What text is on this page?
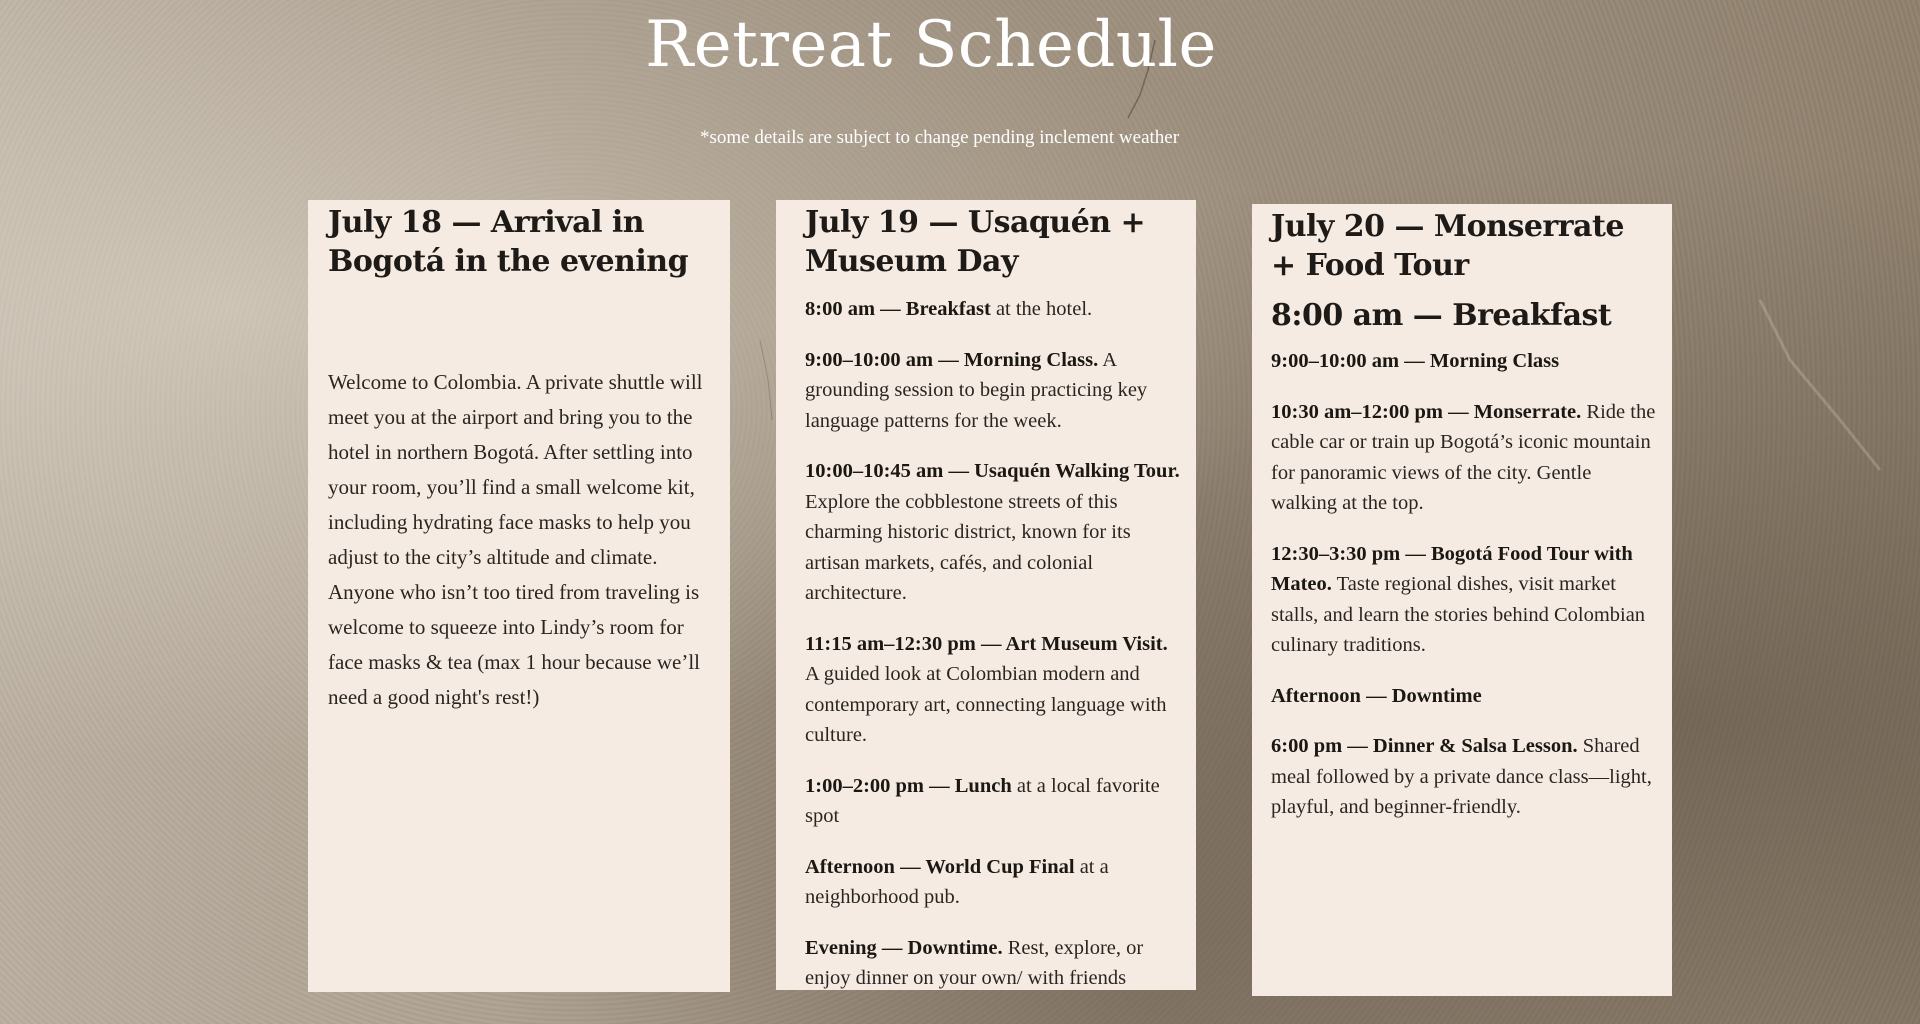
Retreat Schedule

*some details are subject to change pending inclement weather

July 18 — Arrival in Bogotá in the evening

Welcome to Colombia. A private shuttle will meet you at the airport and bring you to the hotel in northern Bogotá. After settling into your room, you’ll find a small welcome kit, including hydrating face masks to help you adjust to the city’s altitude and climate. Anyone who isn’t too tired from traveling is welcome to squeeze into Lindy’s room for face masks & tea (max 1 hour because we’ll need a good night's rest!)

July 19 — Usaquén + Museum Day

8:00 am — Breakfast at the hotel.

9:00–10:00 am — Morning Class. A grounding session to begin practicing key language patterns for the week.

10:00–10:45 am — Usaquén Walking Tour. Explore the cobblestone streets of this charming historic district, known for its artisan markets, cafés, and colonial architecture.

11:15 am–12:30 pm — Art Museum Visit. A guided look at Colombian modern and contemporary art, connecting language with culture.

1:00–2:00 pm — Lunch at a local favorite spot

Afternoon — World Cup Final at a neighborhood pub.

Evening — Downtime. Rest, explore, or enjoy dinner on your own/ with friends

July 20 — Monserrate + Food Tour
8:00 am — Breakfast

9:00–10:00 am — Morning Class

10:30 am–12:00 pm — Monserrate. Ride the cable car or train up Bogotá’s iconic mountain for panoramic views of the city. Gentle walking at the top.

12:30–3:30 pm — Bogotá Food Tour with Mateo. Taste regional dishes, visit market stalls, and learn the stories behind Colombian culinary traditions.

Afternoon — Downtime

6:00 pm — Dinner & Salsa Lesson. Shared meal followed by a private dance class—light, playful, and beginner-friendly.
